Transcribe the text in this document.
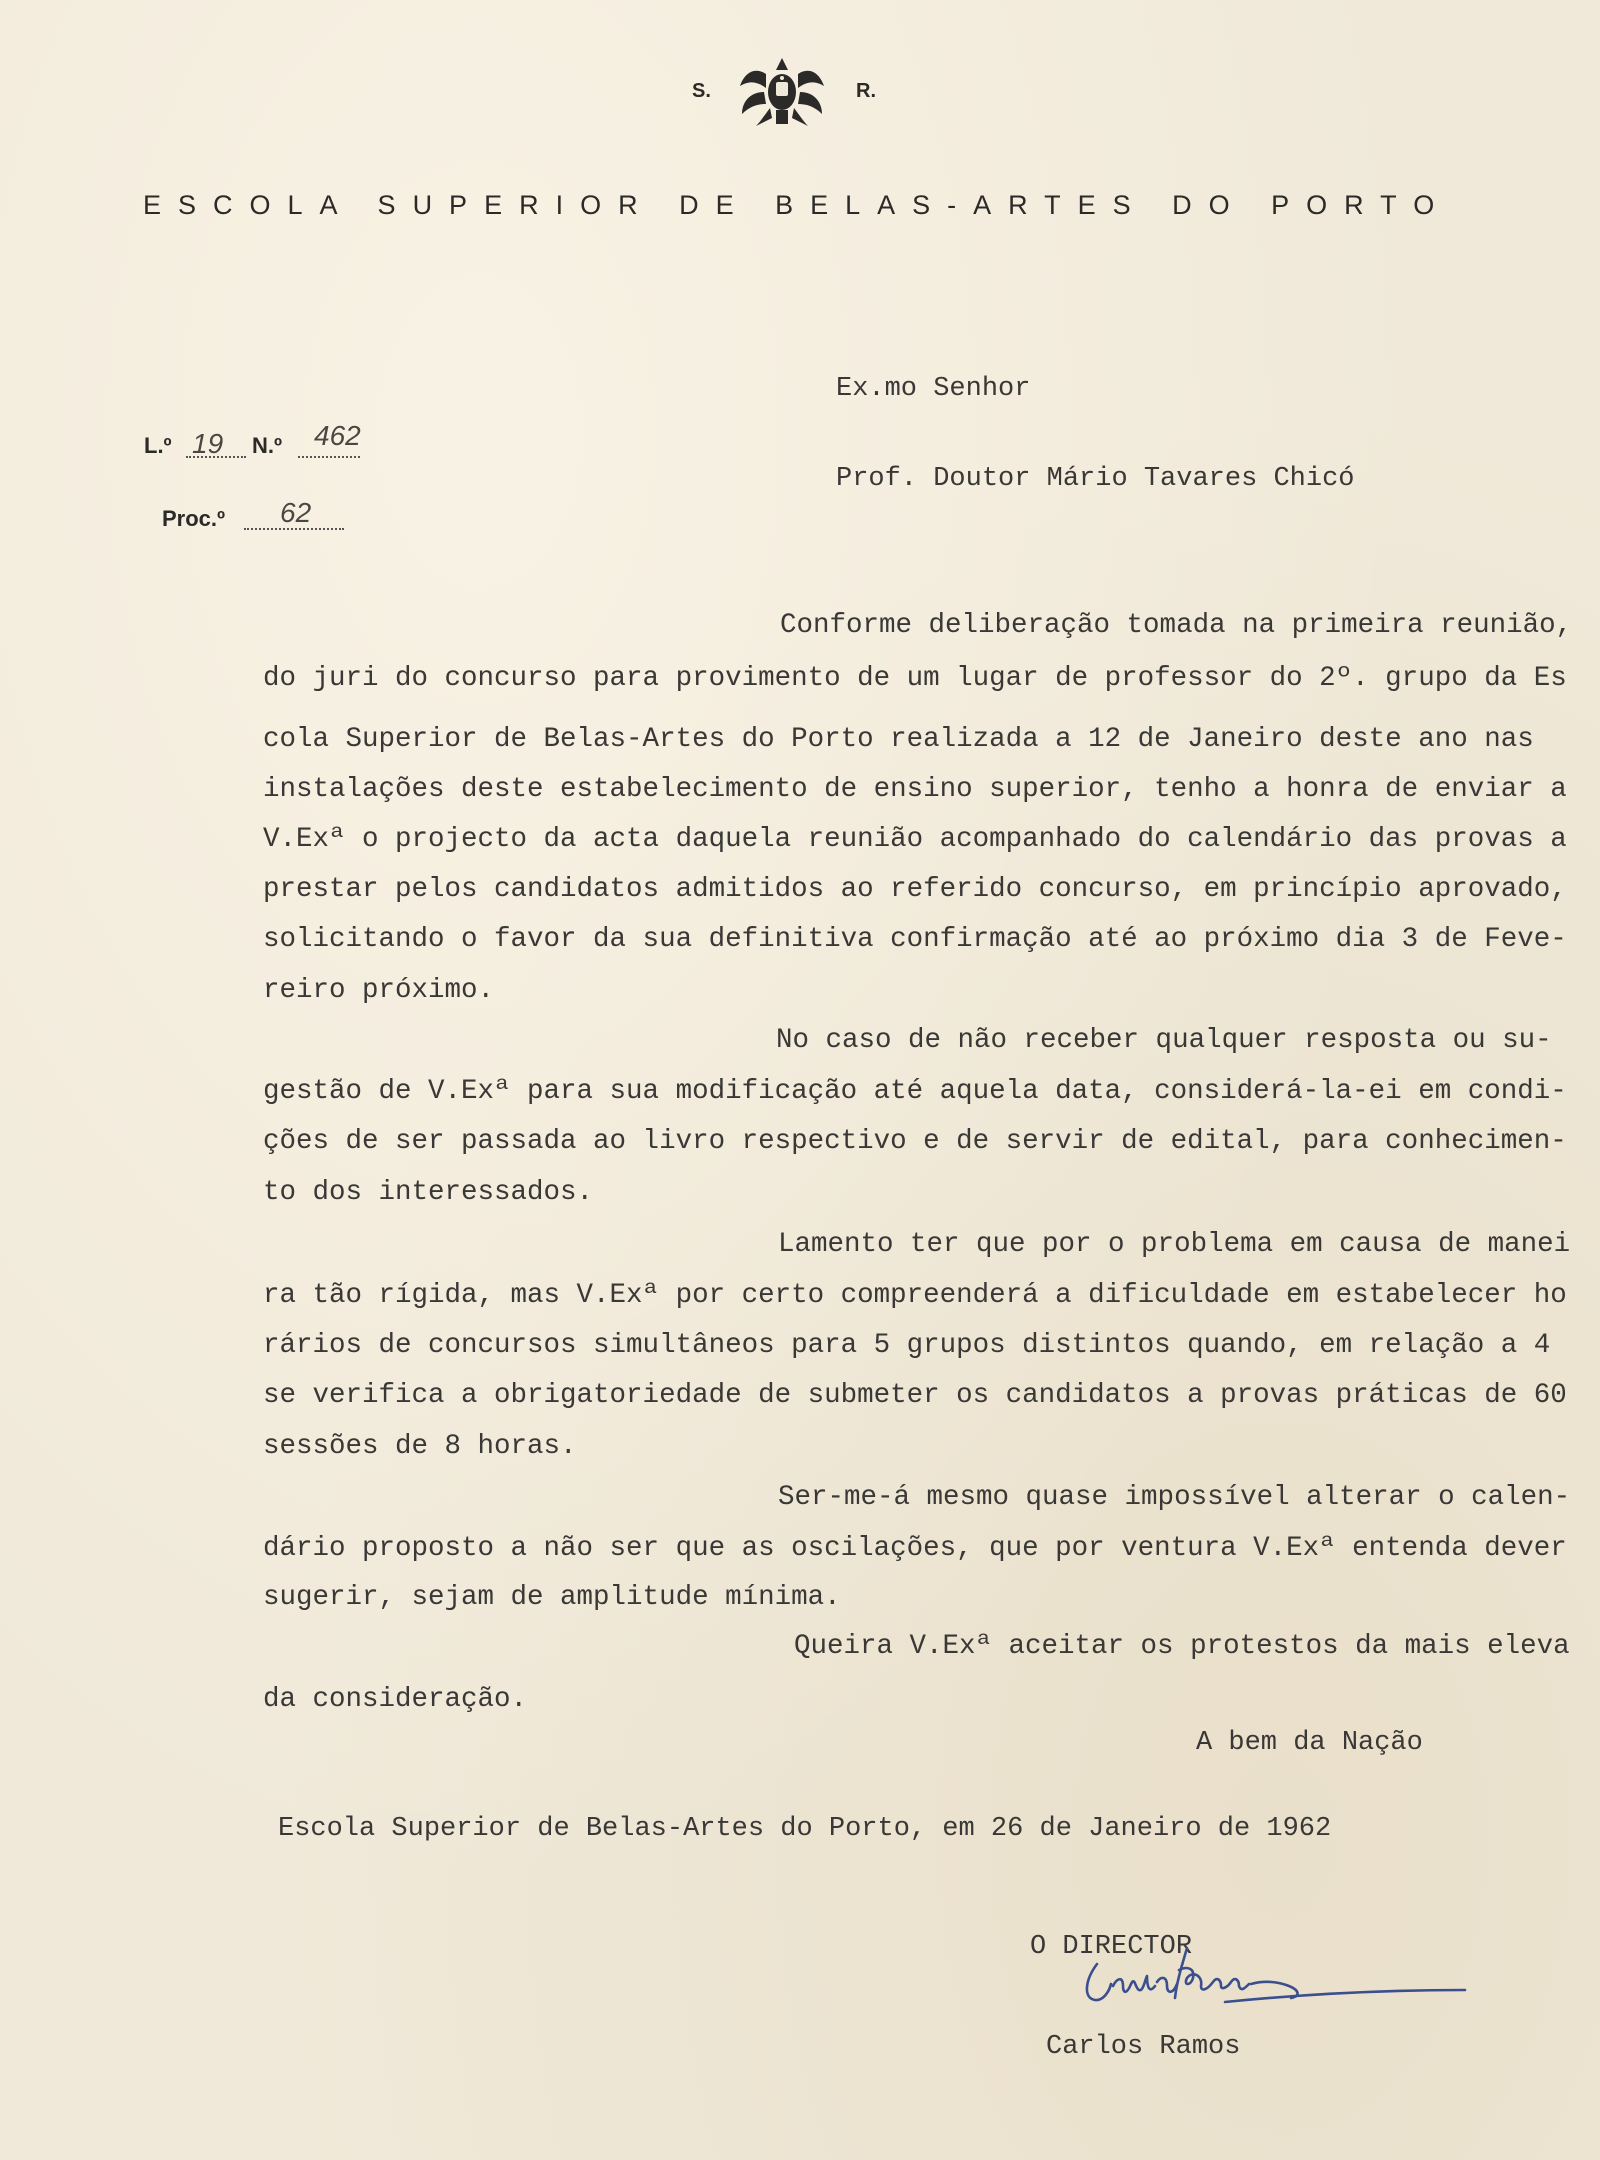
S.	R.
ESCOLA SUPERIOR DE BELAS-ARTES DO PORTO
Ex.mo Senhor
Prof. Doutor Mário Tavares Chicó
L.º 19 N.º 462
Proc.º 62
Conforme deliberação tomada na primeira reunião,
do juri do concurso para provimento de um lugar de professor do 2º. grupo da Es
cola Superior de Belas-Artes do Porto realizada a 12 de Janeiro deste ano nas
instalações deste estabelecimento de ensino superior, tenho a honra de enviar a
V.Exª o projecto da acta daquela reunião acompanhado do calendário das provas a
prestar pelos candidatos admitidos ao referido concurso, em princípio aprovado,
solicitando o favor da sua definitiva confirmação até ao próximo dia 3 de Feve-
reiro próximo.
No caso de não receber qualquer resposta ou su-
gestão de V.Exª para sua modificação até aquela data, considerá-la-ei em condi-
ções de ser passada ao livro respectivo e de servir de edital, para conhecimen-
to dos interessados.
Lamento ter que por o problema em causa de manei
ra tão rígida, mas V.Exª por certo compreenderá a dificuldade em estabelecer ho
rários de concursos simultâneos para 5 grupos distintos quando, em relação a 4
se verifica a obrigatoriedade de submeter os candidatos a provas práticas de 60
sessões de 8 horas.
Ser-me-á mesmo quase impossível alterar o calen-
dário proposto a não ser que as oscilações, que por ventura V.Exª entenda dever
sugerir, sejam de amplitude mínima.
Queira V.Exª aceitar os protestos da mais eleva
da consideração.
A bem da Nação
Escola Superior de Belas-Artes do Porto, em 26 de Janeiro de 1962
O DIRECTOR
Carlos Ramos
